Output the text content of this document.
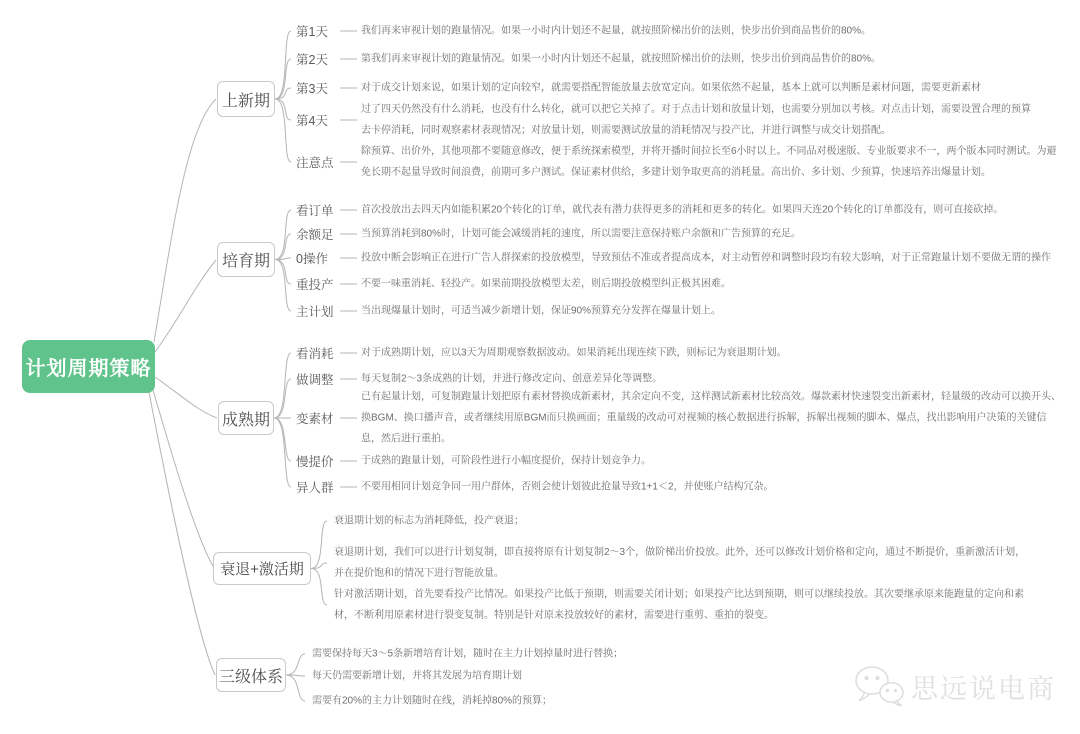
计划周期策略
思远说电商
上新期
第1天	我们再来审视计划的跑量情况。如果一小时内计划还不起量，就按照阶梯出价的法则，快步出价到商品售价的80%。
第2天	第我们再来审视计划的跑量情况。如果一小时内计划还不起量，就按照阶梯出价的法则，快步出价到商品售价的80%。
第3天	对于成交计划来说，如果计划的定向较窄，就需要搭配智能放量去放宽定向。如果依然不起量，基本上就可以判断是素材问题，需要更新素材
第4天
过了四天仍然没有什么消耗，也没有什么转化，就可以把它关掉了。对于点击计划和放量计划，也需要分别加以考核。对点击计划，需要设置合理的预算去卡停消耗，同时观察素材表现情况；对放量计划，则需要测试放量的消耗情况与投产比，并进行调整与成交计划搭配。
注意点
除预算、出价外，其他项都不要随意修改，便于系统探索模型，并将开播时间拉长至6小时以上。不同品对极速版、专业版要求不一，两个版本同时测试。为避免长期不起量导致时间浪费，前期可多户测试。保证素材供给，多建计划争取更高的消耗量。高出价、多计划、少预算，快速培养出爆量计划。
培育期
看订单	首次投放出去四天内如能积累20个转化的订单，就代表有潜力获得更多的消耗和更多的转化。如果四天连20个转化的订单都没有，则可直接砍掉。
余额足	当预算消耗到80%时，计划可能会减缓消耗的速度，所以需要注意保持账户余额和广告预算的充足。
0操作	投放中断会影响正在进行广告人群探索的投放模型，导致预估不准或者提高成本，对主动暂停和调整时段均有较大影响，对于正常跑量计划不要做无谓的操作
重投产	不要一味重消耗、轻投产。如果前期投放模型太差，则后期投放模型纠正极其困难。
主计划	当出现爆量计划时，可适当减少新增计划，保证90%预算充分发挥在爆量计划上。
成熟期
看消耗	对于成熟期计划，应以3天为周期观察数据波动。如果消耗出现连续下跌，则标记为衰退期计划。
做调整	每天复制2～3条成熟的计划，并进行修改定向、创意差异化等调整。
变素材
已有起量计划，可复制跑量计划把原有素材替换成新素材，其余定向不变，这样测试新素材比较高效。爆款素材快速裂变出新素材，轻量级的改动可以换开头、换BGM、换口播声音，或者继续用原BGM而只换画面；重量级的改动可对视频的核心数据进行拆解，拆解出视频的脚本、爆点，找出影响用户决策的关键信息，然后进行重拍。
慢提价	于成熟的跑量计划，可阶段性进行小幅度提价，保持计划竞争力。
异人群	不要用相同计划竞争同一用户群体，否则会使计划彼此抢量导致1+1＜2，并使账户结构冗杂。
衰退+激活期
衰退期计划的标志为消耗降低，投产衰退；
衰退期计划，我们可以进行计划复制，即直接将原有计划复制2～3个，做阶梯出价投放。此外，还可以修改计划价格和定向，通过不断提价，重新激活计划，并在提价饱和的情况下进行智能放量。
针对激活期计划，首先要看投产比情况。如果投产比低于预期，则需要关闭计划；如果投产比达到预期，则可以继续投放。其次要继承原来能跑量的定向和素材，不断利用原素材进行裂变复制。特别是针对原来投放较好的素材，需要进行重剪、重拍的裂变。
三级体系
需要保持每天3～5条新增培育计划，随时在主力计划掉量时进行替换；
每天仍需要新增计划，并将其发展为培育期计划
需要有20%的主力计划随时在线，消耗掉80%的预算；
